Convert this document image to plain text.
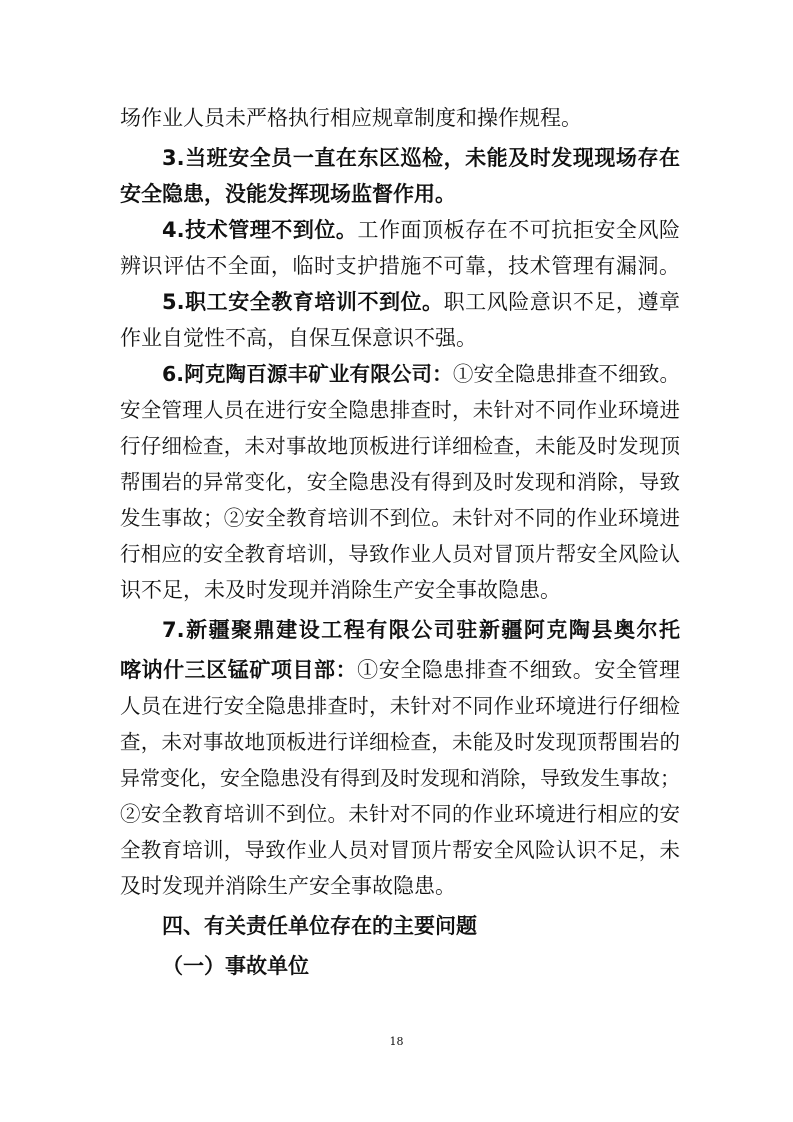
场作业人员未严格执行相应规章制度和操作规程。
3.当班安全员一直在东区巡检，未能及时发现现场存在
安全隐患，没能发挥现场监督作用。
4.技术管理不到位。工作面顶板存在不可抗拒安全风险
辨识评估不全面，临时支护措施不可靠，技术管理有漏洞。
5.职工安全教育培训不到位。职工风险意识不足，遵章
作业自觉性不高，自保互保意识不强。
6.阿克陶百源丰矿业有限公司：①安全隐患排查不细致。
安全管理人员在进行安全隐患排查时，未针对不同作业环境进
行仔细检查，未对事故地顶板进行详细检查，未能及时发现顶
帮围岩的异常变化，安全隐患没有得到及时发现和消除，导致
发生事故；②安全教育培训不到位。未针对不同的作业环境进
行相应的安全教育培训，导致作业人员对冒顶片帮安全风险认
识不足，未及时发现并消除生产安全事故隐患。
7.新疆聚鼎建设工程有限公司驻新疆阿克陶县奥尔托
喀讷什三区锰矿项目部：①安全隐患排查不细致。安全管理
人员在进行安全隐患排查时，未针对不同作业环境进行仔细检
查，未对事故地顶板进行详细检查，未能及时发现顶帮围岩的
异常变化，安全隐患没有得到及时发现和消除，导致发生事故；
②安全教育培训不到位。未针对不同的作业环境进行相应的安
全教育培训，导致作业人员对冒顶片帮安全风险认识不足，未
及时发现并消除生产安全事故隐患。
四、有关责任单位存在的主要问题
（一）事故单位
18
